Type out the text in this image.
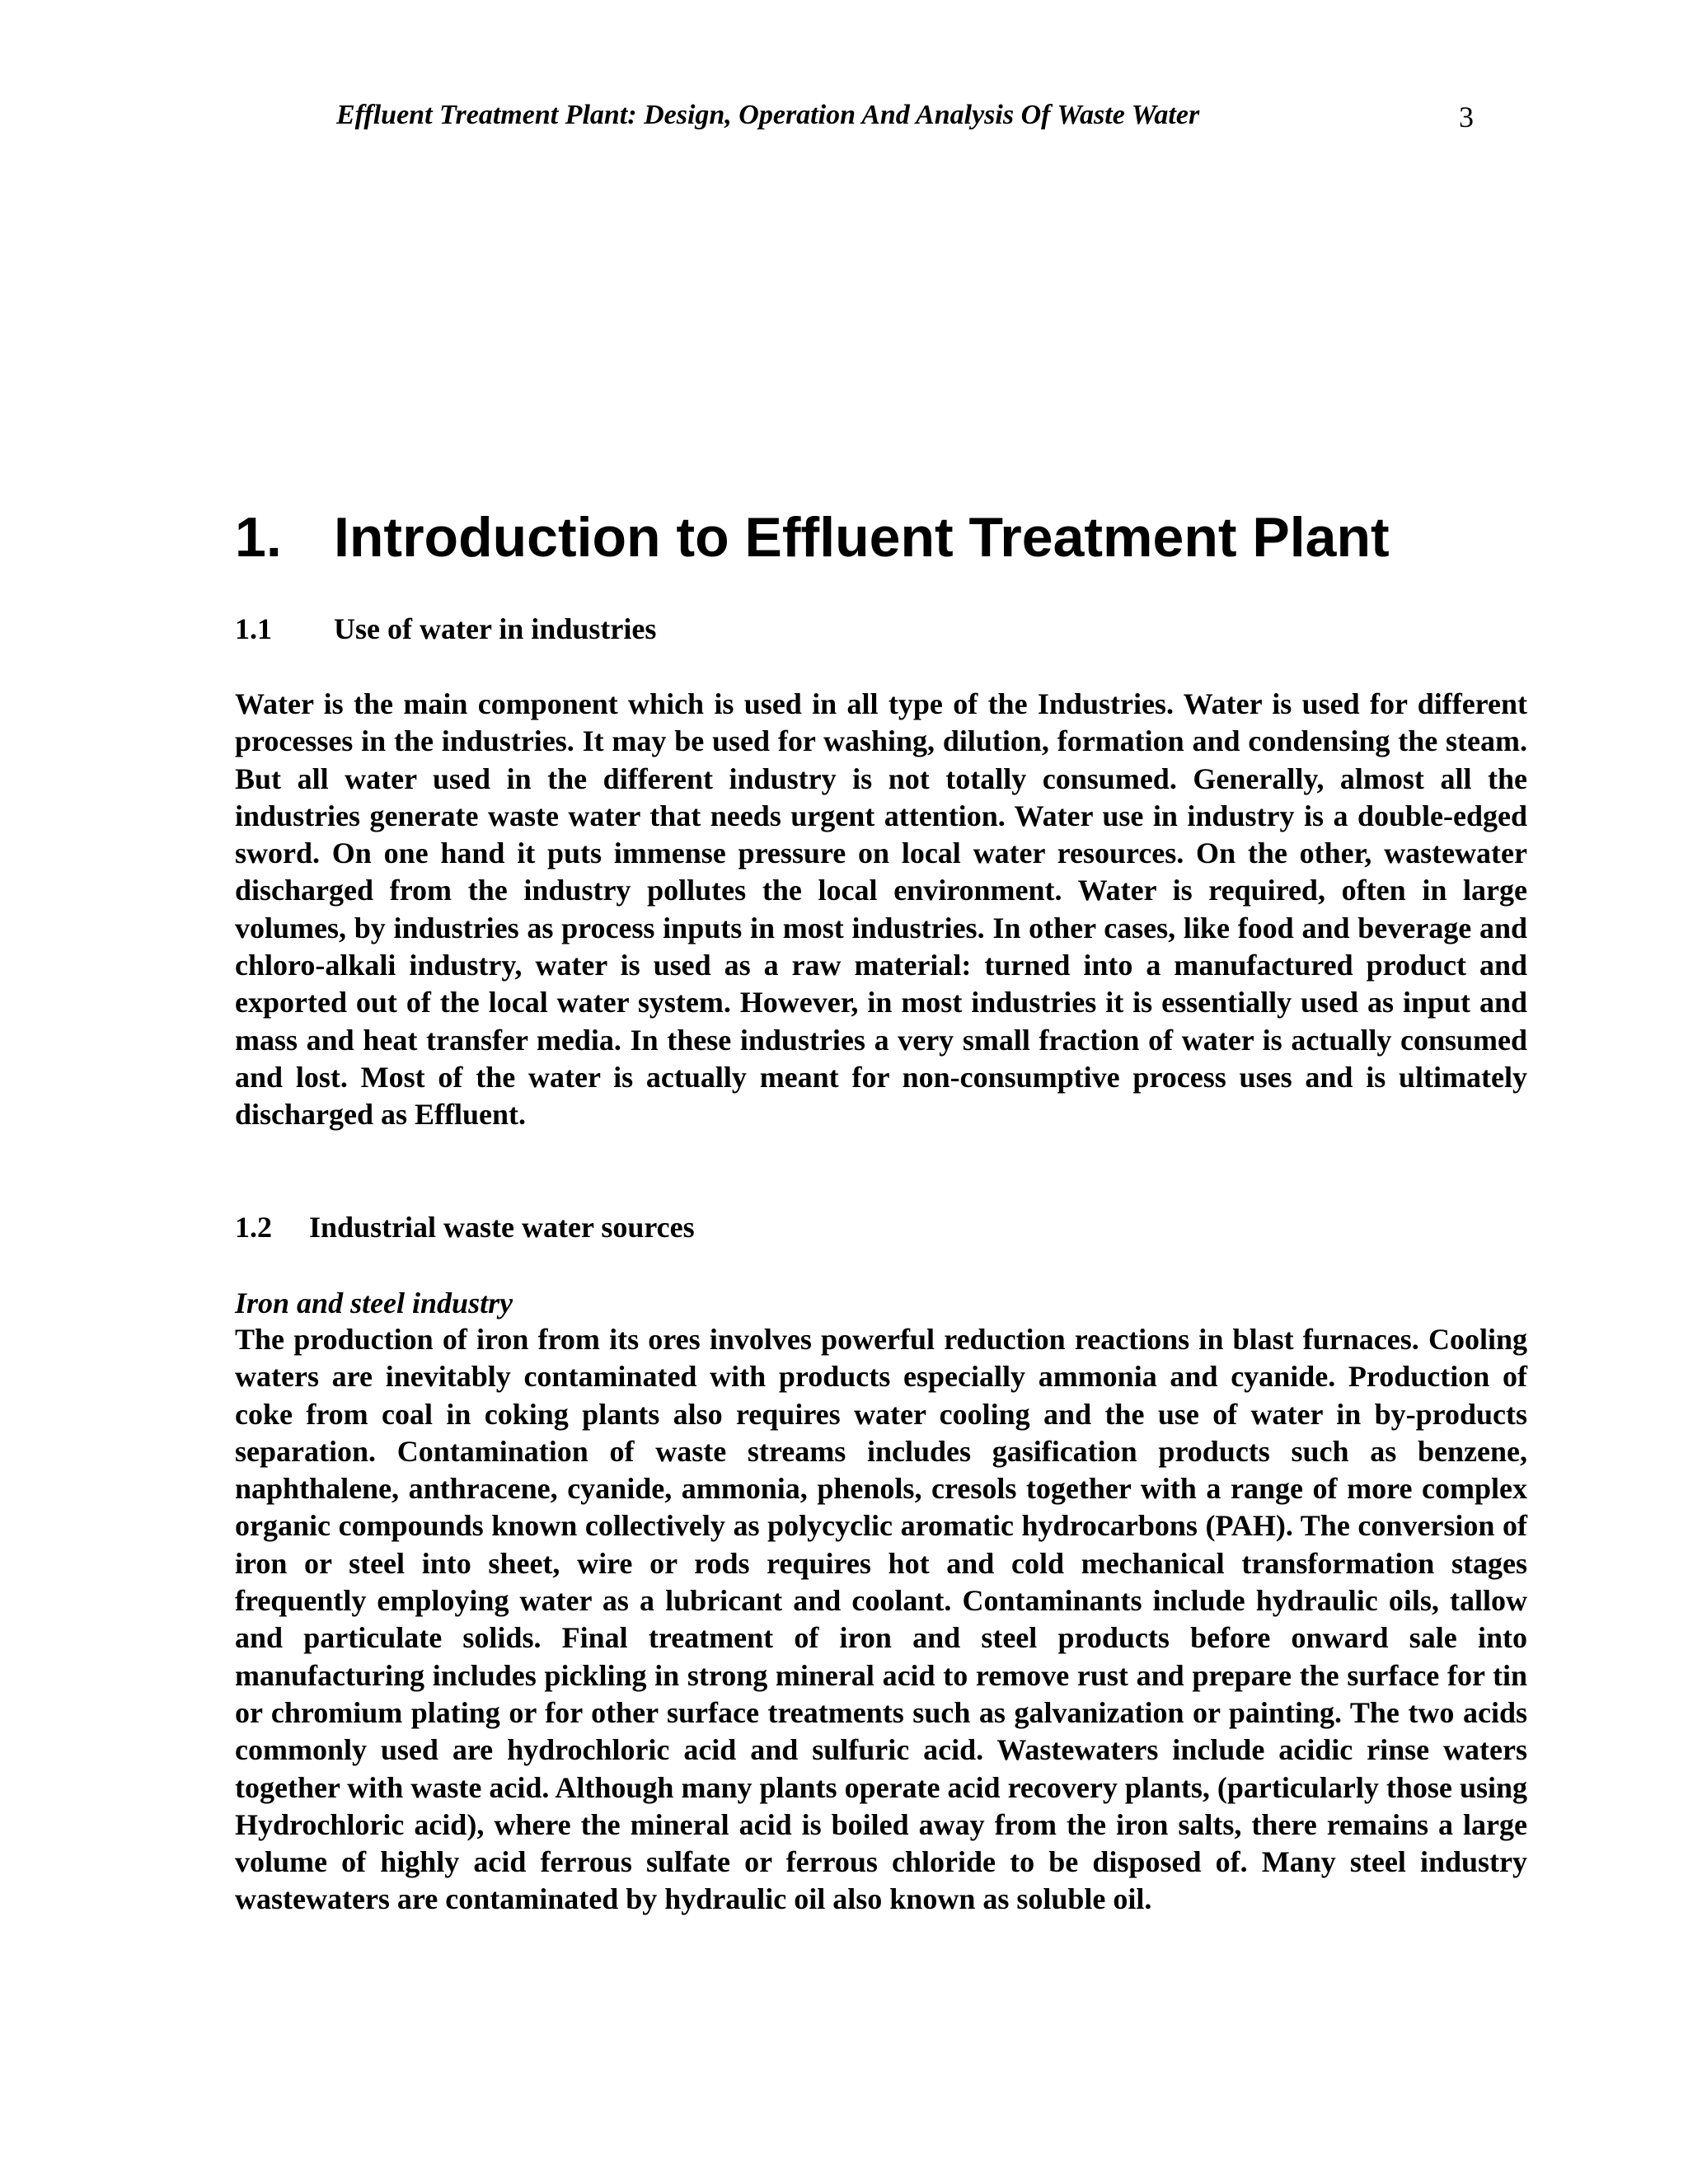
Effluent Treatment Plant: Design, Operation And Analysis Of Waste Water	3
1. Introduction to Effluent Treatment Plant
1.1 Use of water in industries

Water is the main component which is used in all type of the Industries. Water is used for different processes in the industries. It may be used for washing, dilution, formation and condensing the steam. But all water used in the different industry is not totally consumed. Generally, almost all the industries generate waste water that needs urgent attention. Water use in industry is a double-edged sword. On one hand it puts immense pressure on local water resources. On the other, wastewater discharged from the industry pollutes the local environment. Water is required, often in large volumes, by industries as process inputs in most industries. In other cases, like food and beverage and chloro-alkali industry, water is used as a raw material: turned into a manufactured product and exported out of the local water system. However, in most industries it is essentially used as input and mass and heat transfer media. In these industries a very small fraction of water is actually consumed and lost. Most of the water is actually meant for non-consumptive process uses and is ultimately discharged as Effluent.

1.2 Industrial waste water sources
Iron and steel industry

The production of iron from its ores involves powerful reduction reactions in blast furnaces. Cooling waters are inevitably contaminated with products especially ammonia and cyanide. Production of coke from coal in coking plants also requires water cooling and the use of water in by-products separation. Contamination of waste streams includes gasification products such as benzene, naphthalene, anthracene, cyanide, ammonia, phenols, cresols together with a range of more complex organic compounds known collectively as polycyclic aromatic hydrocarbons (PAH). The conversion of iron or steel into sheet, wire or rods requires hot and cold mechanical transformation stages frequently employing water as a lubricant and coolant. Contaminants include hydraulic oils, tallow and particulate solids. Final treatment of iron and steel products before onward sale into manufacturing includes pickling in strong mineral acid to remove rust and prepare the surface for tin or chromium plating or for other surface treatments such as galvanization or painting. The two acids commonly used are hydrochloric acid and sulfuric acid. Wastewaters include acidic rinse waters together with waste acid. Although many plants operate acid recovery plants, (particularly those using Hydrochloric acid), where the mineral acid is boiled away from the iron salts, there remains a large volume of highly acid ferrous sulfate or ferrous chloride to be disposed of. Many steel industry wastewaters are contaminated by hydraulic oil also known as soluble oil.
